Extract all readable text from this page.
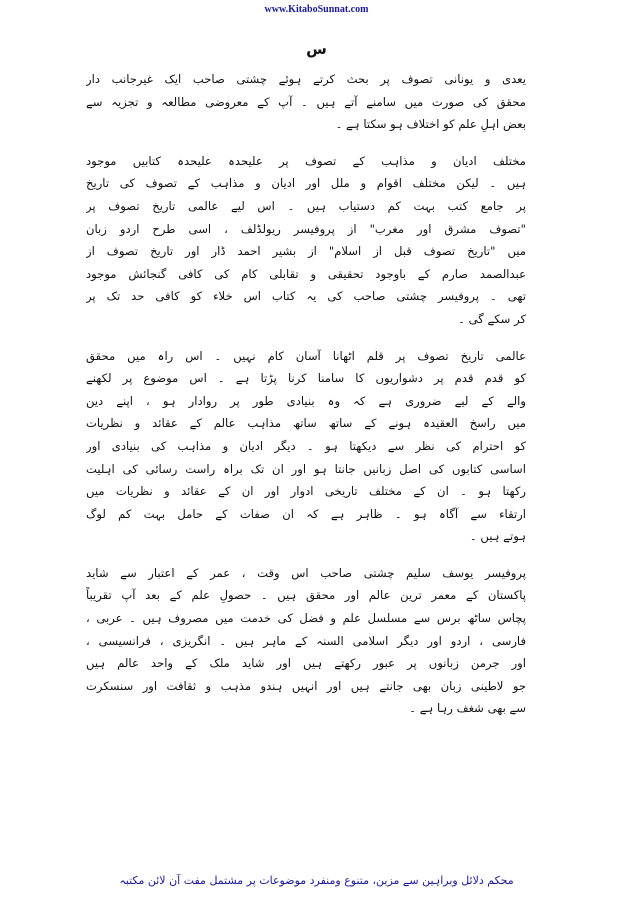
www.KitaboSunnat.com
س
یعدی و یونانی تصوف پر بحث کرتے ہوئے چشتی صاحب ایک غیرجانب دار
محقق کی صورت میں سامنے آتے ہیں ۔ آپ کے معروضی مطالعہ و تجزیہ سے
بعض اہلِ علم کو اختلاف ہو سکتا ہے ۔
مختلف ادیان و مذاہب کے تصوف پر علیحدہ علیحدہ کتابیں موجود
ہیں ۔ لیکن مختلف اقوام و ملل اور ادیان و مذاہب کے تصوف کی تاریخ
پر جامع کتب بہت کم دستیاب ہیں ۔ اس لیے عالمی تاریخ تصوف پر
"تصوف مشرق اور مغرب" از پروفیسر ریولڈلف ، اسی طرح اردو زبان
میں "تاریخ تصوف قبل از اسلام" از بشیر احمد ڈار اور تاریخ تصوف از
عبدالصمد صارم کے باوجود تحقیقی و تقابلی کام کی کافی گنجائش موجود
تھی ۔ پروفیسر چشتی صاحب کی یہ کتاب اس خلاء کو کافی حد تک پر
کر سکے گی ۔
عالمی تاریخ تصوف پر قلم اٹھانا آسان کام نہیں ۔ اس راہ میں محقق
کو قدم قدم پر دشواریوں کا سامنا کرنا پڑتا ہے ۔ اس موضوع پر لکھنے
والے کے لیے ضروری ہے کہ وہ بنیادی طور پر روادار ہو ، اپنے دین
میں راسخ العقیدہ ہونے کے ساتھ ساتھ مذاہب عالم کے عقائد و نظریات
کو احترام کی نظر سے دیکھتا ہو ۔ دیگر ادیان و مذاہب کی بنیادی اور
اساسی کتابوں کی اصل زبانیں جانتا ہو اور ان تک براہ راست رسائی کی اہلیت
رکھتا ہو ۔ ان کے مختلف تاریخی ادوار اور ان کے عقائد و نظریات میں
ارتقاء سے آگاہ ہو ۔ ظاہر ہے کہ ان صفات کے حامل بہت کم لوگ
ہوتے ہیں ۔
پروفیسر یوسف سلیم چشتی صاحب اس وقت ، عمر کے اعتبار سے شاید
پاکستان کے معمر ترین عالم اور محقق ہیں ۔ حصولِ علم کے بعد آپ تقریباً
پچاس ساٹھ برس سے مسلسل علم و فضل کی خدمت میں مصروف ہیں ۔ عربی ،
فارسی ، اردو اور دیگر اسلامی السنہ کے ماہر ہیں ۔ انگریزی ، فرانسیسی ،
اور جرمن زبانوں پر عبور رکھتے ہیں اور شاید ملک کے واحد عالم ہیں
جو لاطینی زبان بھی جانتے ہیں اور انہیں ہندو مذہب و ثقافت اور سنسکرت
سے بھی شغف رہا ہے ۔
محکم دلائل وبراہین سے مزین، متنوع ومنفرد موضوعات پر مشتمل مفت آن لائن مکتبہ
